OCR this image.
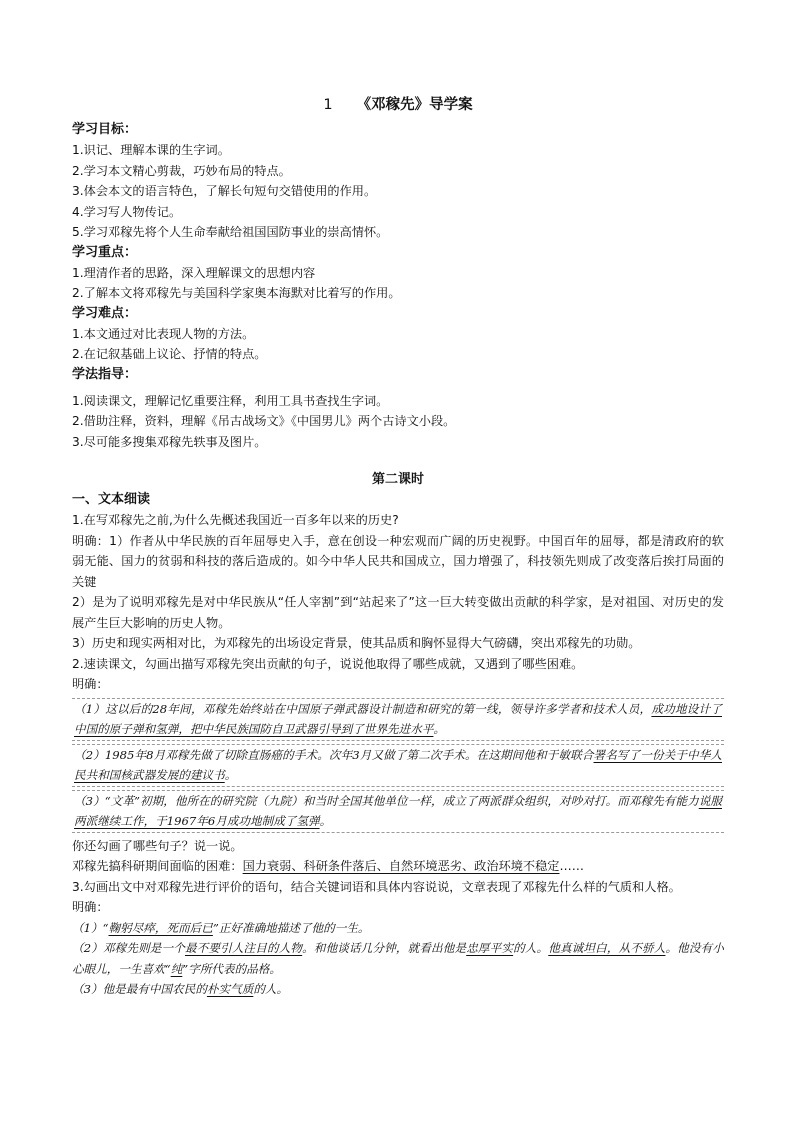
1 《邓稼先》导学案
学习目标：
1.识记、理解本课的生字词。
2.学习本文精心剪裁，巧妙布局的特点。
3.体会本文的语言特色，了解长句短句交错使用的作用。
4.学习写人物传记。
5.学习邓稼先将个人生命奉献给祖国国防事业的崇高情怀。
学习重点：
1.理清作者的思路，深入理解课文的思想内容
2.了解本文将邓稼先与美国科学家奥本海默对比着写的作用。
学习难点：
1.本文通过对比表现人物的方法。
2.在记叙基础上议论、抒情的特点。
学法指导：
1.阅读课文，理解记忆重要注释，利用工具书查找生字词。
2.借助注释，资料，理解《吊古战场文》《中国男儿》两个古诗文小段。
3.尽可能多搜集邓稼先轶事及图片。
第二课时
一、文本细读
1.在写邓稼先之前,为什么先概述我国近一百多年以来的历史?
明确：1）作者从中华民族的百年屈辱史入手，意在创设一种宏观而广阔的历史视野。中国百年的屈辱，都是清政府的软弱无能、国力的贫弱和科技的落后造成的。如今中华人民共和国成立，国力增强了，科技领先则成了改变落后挨打局面的关键
2）是为了说明邓稼先是对中华民族从“任人宰割”到“站起来了”这一巨大转变做出贡献的科学家，是对祖国、对历史的发展产生巨大影响的历史人物。
3）历史和现实两相对比，为邓稼先的出场设定背景，使其品质和胸怀显得大气磅礴，突出邓稼先的功勋。
2.速读课文，勾画出描写邓稼先突出贡献的句子，说说他取得了哪些成就，又遇到了哪些困难。
明确：
（1）这以后的28年间，邓稼先始终站在中国原子弹武器设计制造和研究的第一线，领导许多学者和技术人员，成功地设计了中国的原子弹和氢弹，把中华民族国防自卫武器引导到了世界先进水平。
（2）1985年8月邓稼先做了切除直肠癌的手术。次年3月又做了第二次手术。在这期间他和于敏联合署名写了一份关于中华人民共和国核武器发展的建议书。
（3）“文革”初期，他所在的研究院（九院）和当时全国其他单位一样，成立了两派群众组织，对吵对打。而邓稼先有能力说服两派继续工作，于1967年6月成功地制成了氢弹。
你还勾画了哪些句子？说一说。
邓稼先搞科研期间面临的困难：国力衰弱、科研条件落后、自然环境恶劣、政治环境不稳定……
3.勾画出文中对邓稼先进行评价的语句，结合关键词语和具体内容说说，文章表现了邓稼先什么样的气质和人格。
明确：
（1）“鞠躬尽瘁，死而后已”正好准确地描述了他的一生。
（2）邓稼先则是一个最不要引人注目的人物。和他谈话几分钟，就看出他是忠厚平实的人。他真诚坦白，从不骄人。他没有小心眼儿，一生喜欢“纯”字所代表的品格。
（3）他是最有中国农民的朴实气质的人。
